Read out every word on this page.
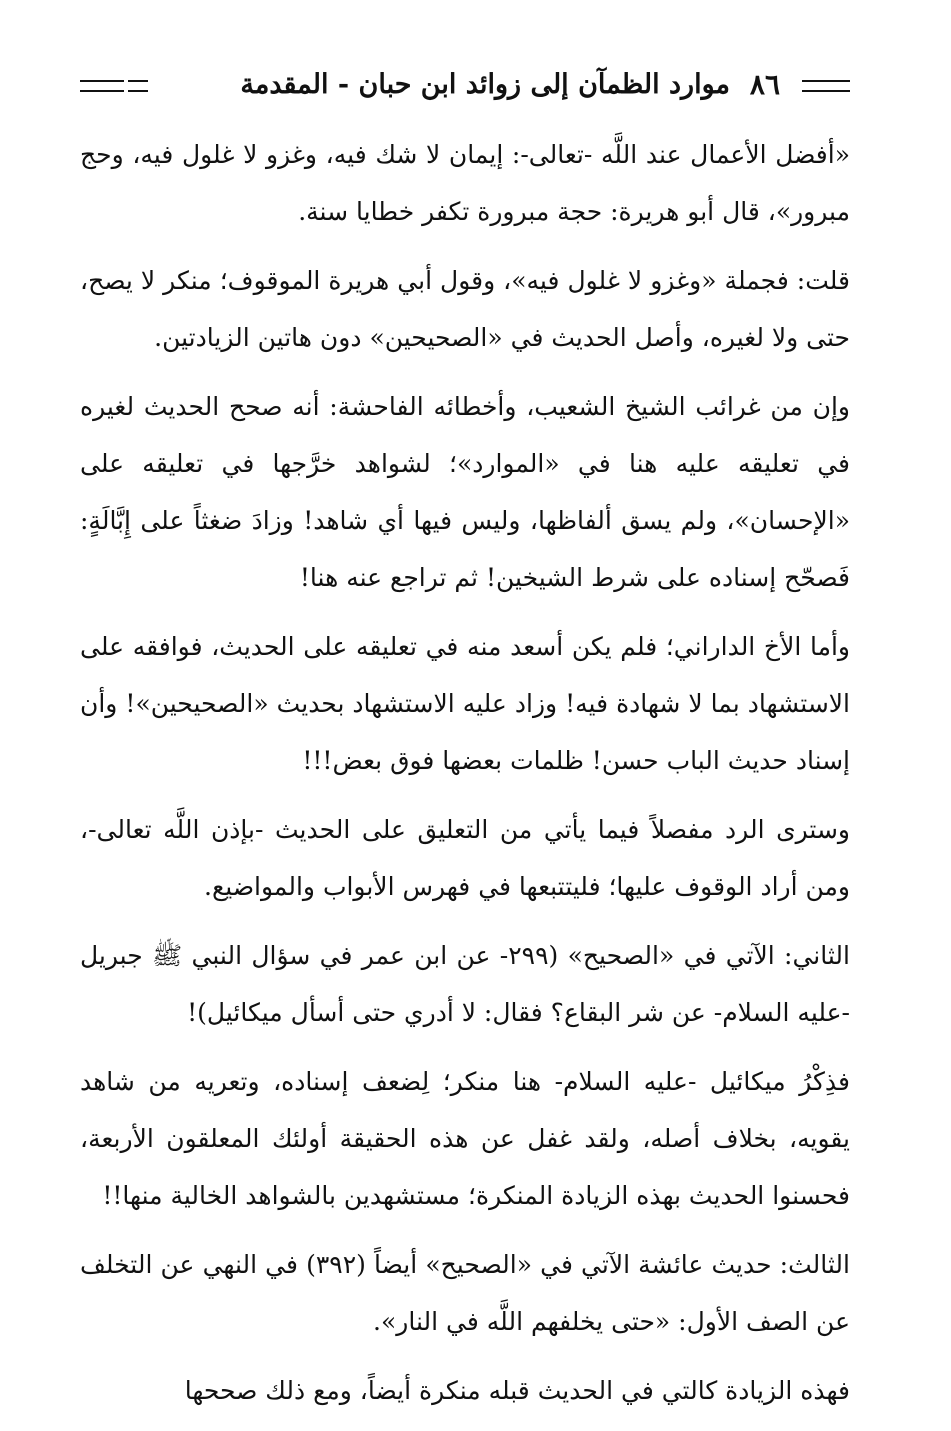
٨٦
موارد الظمآن إلى زوائد ابن حبان - المقدمة

«أفضل الأعمال عند اللَّه -تعالى-: إيمان لا شك فيه، وغزو لا غلول فيه، وحج مبرور»، قال أبو هريرة: حجة مبرورة تكفر خطايا سنة.

قلت: فجملة «وغزو لا غلول فيه»، وقول أبي هريرة الموقوف؛ منكر لا يصح، حتى ولا لغيره، وأصل الحديث في «الصحيحين» دون هاتين الزيادتين.

وإن من غرائب الشيخ الشعيب، وأخطائه الفاحشة: أنه صحح الحديث لغيره في تعليقه عليه هنا في «الموارد»؛ لشواهد خرَّجها في تعليقه على «الإحسان»، ولم يسق ألفاظها، وليس فيها أي شاهد! وزادَ ضغثاً على إِبَّالَةٍ: فَصحّح إسناده على شرط الشيخين! ثم تراجع عنه هنا!

وأما الأخ الداراني؛ فلم يكن أسعد منه في تعليقه على الحديث، فوافقه على الاستشهاد بما لا شهادة فيه! وزاد عليه الاستشهاد بحديث «الصحيحين»! وأن إسناد حديث الباب حسن! ظلمات بعضها فوق بعض!!!

وسترى الرد مفصلاً فيما يأتي من التعليق على الحديث -بإذن اللَّه تعالى-، ومن أراد الوقوف عليها؛ فليتتبعها في فهرس الأبواب والمواضيع.

الثاني: الآتي في «الصحيح» (٢٩٩- عن ابن عمر في سؤال النبي ﷺ جبريل -عليه السلام- عن شر البقاع؟ فقال: لا أدري حتى أسأل ميكائيل)!

فذِكْرُ ميكائيل -عليه السلام- هنا منكر؛ لِضعف إسناده، وتعريه من شاهد يقويه، بخلاف أصله، ولقد غفل عن هذه الحقيقة أولئك المعلقون الأربعة، فحسنوا الحديث بهذه الزيادة المنكرة؛ مستشهدين بالشواهد الخالية منها!!

الثالث: حديث عائشة الآتي في «الصحيح» أيضاً (٣٩٢) في النهي عن التخلف عن الصف الأول: «حتى يخلفهم اللَّه في النار».

فهذه الزيادة كالتي في الحديث قبله منكرة أيضاً، ومع ذلك صححها
